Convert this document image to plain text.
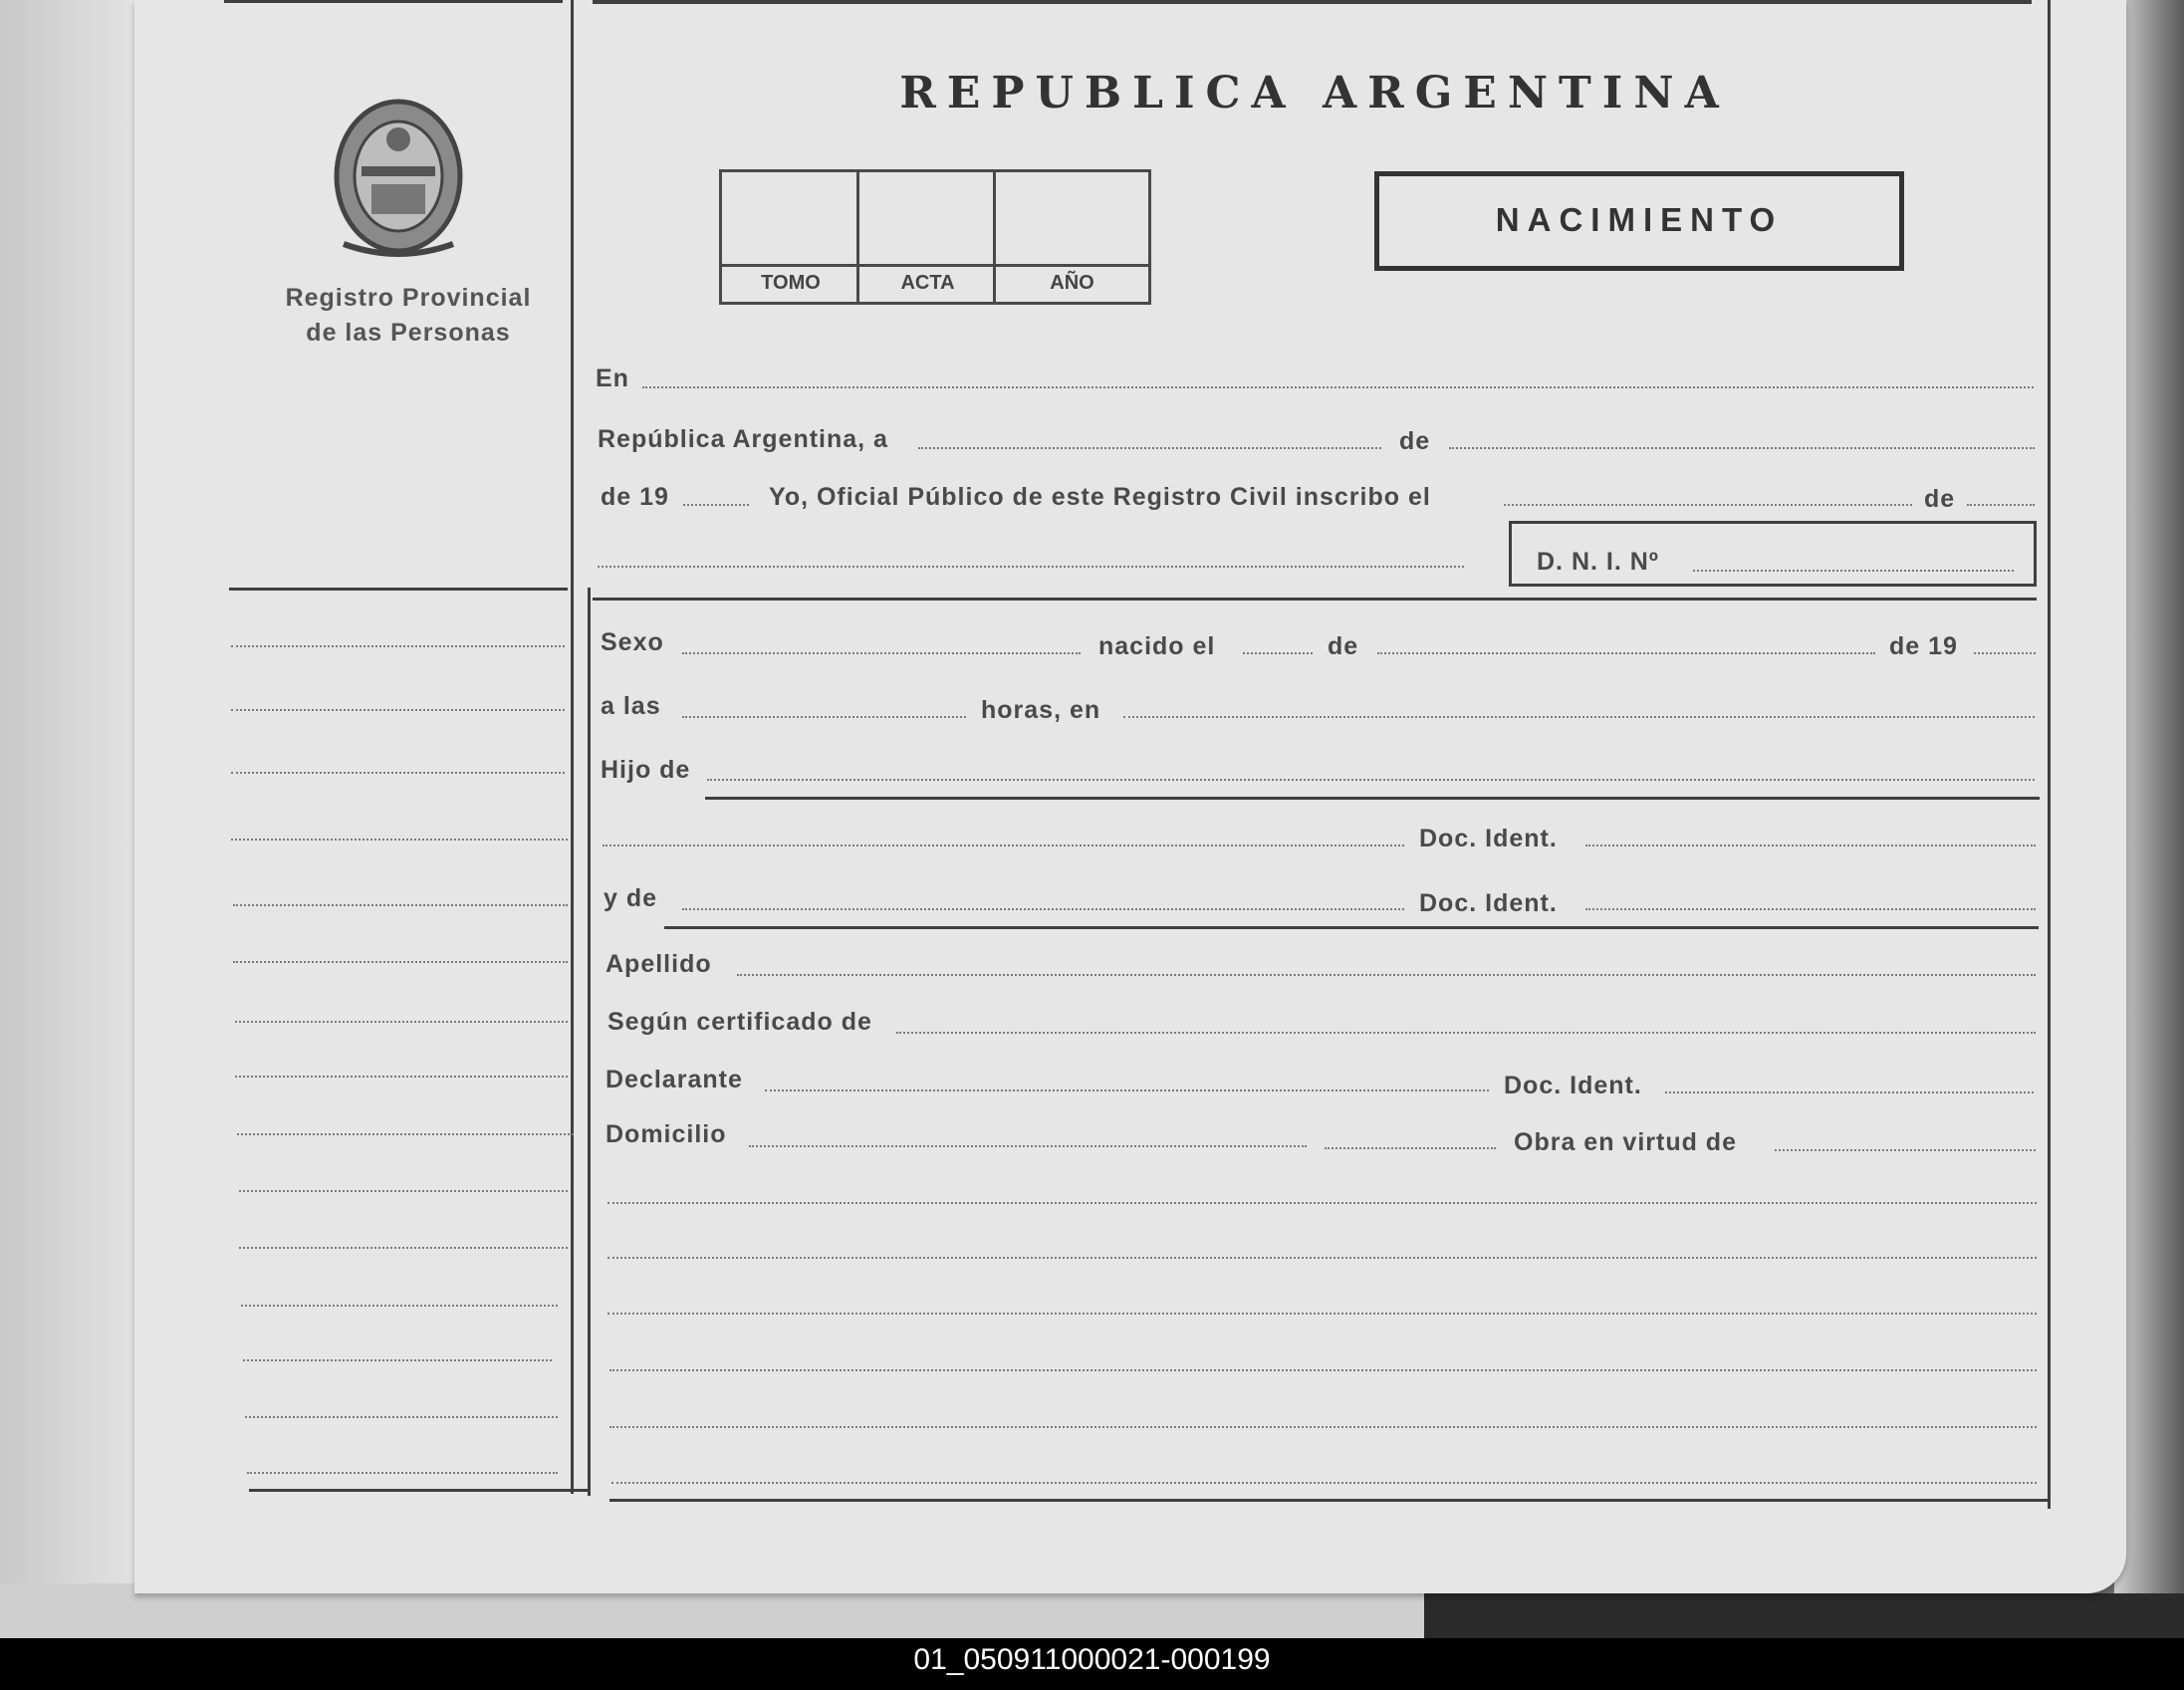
Registro Provincial
de las Personas
REPUBLICA ARGENTINA
TOMO	ACTA	AÑO
NACIMIENTO
En
República Argentina, a	de
de 19	Yo, Oficial Público de este Registro Civil inscribo el	de
D. N. I. Nº
Sexo	nacido el	de	de 19
a las	horas, en
Hijo de
Doc. Ident.
y de	Doc. Ident.
Apellido
Según certificado de
Declarante	Doc. Ident.
Domicilio	Obra en virtud de
01_050911000021-000199
